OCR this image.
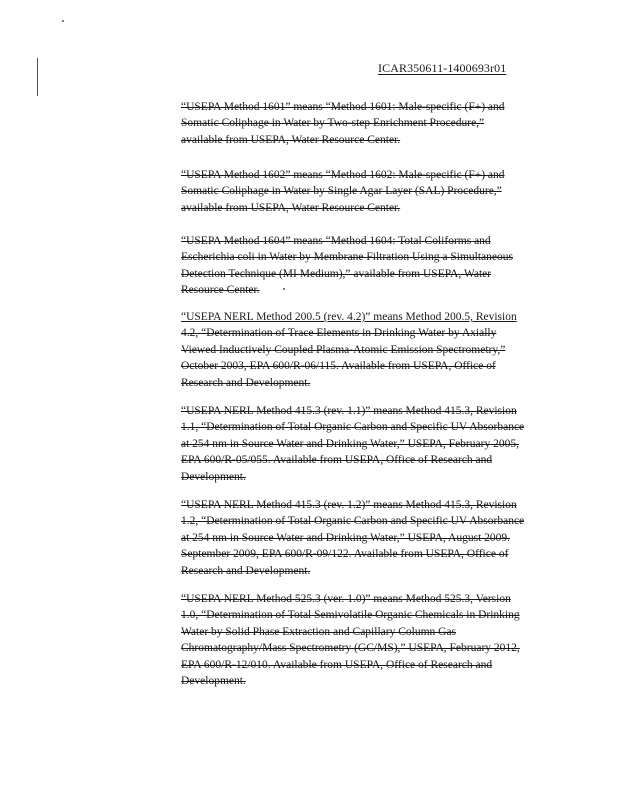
ICAR350611-1400693r01
“USEPA Method 1601” means “Method 1601: Male-specific (F+) and
Somatic Coliphage in Water by Two-step Enrichment Procedure,”
available from USEPA, Water Resource Center.
“USEPA Method 1602” means “Method 1602: Male-specific (F+) and
Somatic Coliphage in Water by Single Agar Layer (SAL) Procedure,”
available from USEPA, Water Resource Center.
“USEPA Method 1604” means “Method 1604: Total Coliforms and
Escherichia coli in Water by Membrane Filtration Using a Simultaneous
Detection Technique (MI Medium),” available from USEPA, Water
Resource Center.
“USEPA NERL Method 200.5 (rev. 4.2)” means Method 200.5, Revision
4.2, “Determination of Trace Elements in Drinking Water by Axially
Viewed Inductively Coupled Plasma-Atomic Emission Spectrometry,”
October 2003, EPA 600/R-06/115. Available from USEPA, Office of
Research and Development.
“USEPA NERL Method 415.3 (rev. 1.1)” means Method 415.3, Revision
1.1, “Determination of Total Organic Carbon and Specific UV Absorbance
at 254 nm in Source Water and Drinking Water,” USEPA, February 2005,
EPA 600/R-05/055. Available from USEPA, Office of Research and
Development.
“USEPA NERL Method 415.3 (rev. 1.2)” means Method 415.3, Revision
1.2, “Determination of Total Organic Carbon and Specific UV Absorbance
at 254 nm in Source Water and Drinking Water,” USEPA, August 2009.
September 2009, EPA 600/R-09/122. Available from USEPA, Office of
Research and Development.
“USEPA NERL Method 525.3 (ver. 1.0)” means Method 525.3, Version
1.0, “Determination of Total Semivolatile Organic Chemicals in Drinking
Water by Solid Phase Extraction and Capillary Column Gas
Chromatography/Mass Spectrometry (GC/MS),” USEPA, February 2012,
EPA 600/R-12/010. Available from USEPA, Office of Research and
Development.
